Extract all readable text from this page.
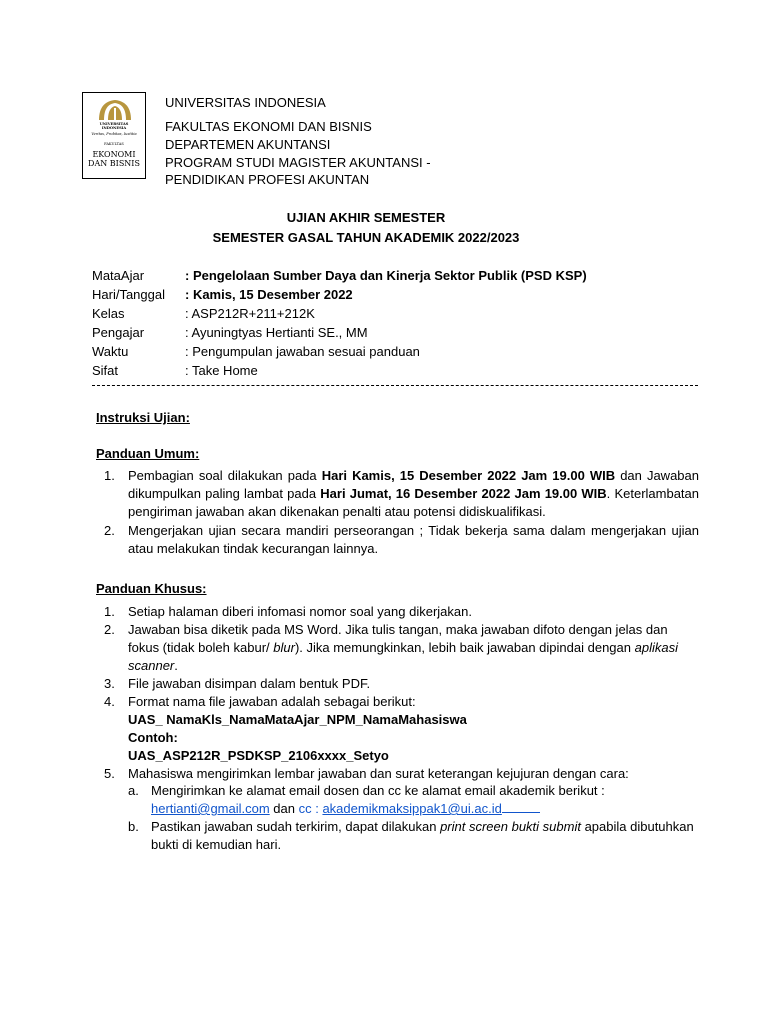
UNIVERSITAS
INDONESIA
Veritas, Probitas, Iustitia
FAKULTAS
EKONOMI
DAN BISNIS
UNIVERSITAS INDONESIA
FAKULTAS EKONOMI DAN BISNIS
DEPARTEMEN AKUNTANSI
PROGRAM STUDI MAGISTER AKUNTANSI -
PENDIDIKAN PROFESI AKUNTAN
UJIAN AKHIR SEMESTER
SEMESTER GASAL TAHUN AKADEMIK 2022/2023
MataAjar	: Pengelolaan Sumber Daya dan Kinerja Sektor Publik (PSD KSP)
Hari/Tanggal : Kamis, 15 Desember 2022
Kelas	: ASP212R+211+212K
Pengajar	: Ayuningtyas Hertianti SE., MM
Waktu	: Pengumpulan jawaban sesuai panduan
Sifat	: Take Home
Instruksi Ujian:
Panduan Umum:
1. Pembagian soal dilakukan pada Hari Kamis, 15 Desember 2022 Jam 19.00 WIB dan Jawaban dikumpulkan paling lambat pada Hari Jumat, 16 Desember 2022 Jam 19.00 WIB. Keterlambatan pengiriman jawaban akan dikenakan penalti atau potensi didiskualifikasi.
2. Mengerjakan ujian secara mandiri perseorangan ; Tidak bekerja sama dalam mengerjakan ujian atau melakukan tindak kecurangan lainnya.
Panduan Khusus:
1. Setiap halaman diberi infomasi nomor soal yang dikerjakan.
2. Jawaban bisa diketik pada MS Word. Jika tulis tangan, maka jawaban difoto dengan jelas dan fokus (tidak boleh kabur/ blur). Jika memungkinkan, lebih baik jawaban dipindai dengan aplikasi scanner.
3. File jawaban disimpan dalam bentuk PDF.
4. Format nama file jawaban adalah sebagai berikut:
UAS_ NamaKls_NamaMataAjar_NPM_NamaMahasiswa
Contoh:
UAS_ASP212R_PSDKSP_2106xxxx_Setyo
5. Mahasiswa mengirimkan lembar jawaban dan surat keterangan kejujuran dengan cara:
a. Mengirimkan ke alamat email dosen dan cc ke alamat email akademik berikut :
hertianti@gmail.com dan cc : akademikmaksippak1@ui.ac.id
b. Pastikan jawaban sudah terkirim, dapat dilakukan print screen bukti submit apabila dibutuhkan bukti di kemudian hari.
